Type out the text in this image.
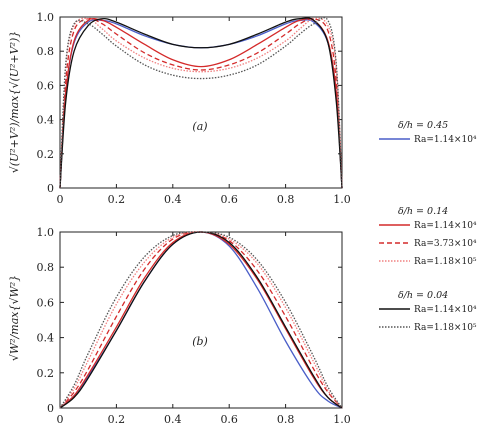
0	0.2	0.4	0.6	0.8	1.0
0
0.2
0.4
0.6
0.8
1.0
√(U²+V²)/max{√(U²+V²)}	(a)
0	0.2	0.4	0.6	0.8	1.0
0
0.2
0.4
0.6
0.8
1.0
√W²/max{√W²}	(b)
δ/h = 0.45
Ra=1.14×10⁴
δ/h = 0.14
Ra=1.14×10⁴
Ra=3.73×10⁴
Ra=1.18×10⁵
δ/h = 0.04
Ra=1.14×10⁴
Ra=1.18×10⁵
